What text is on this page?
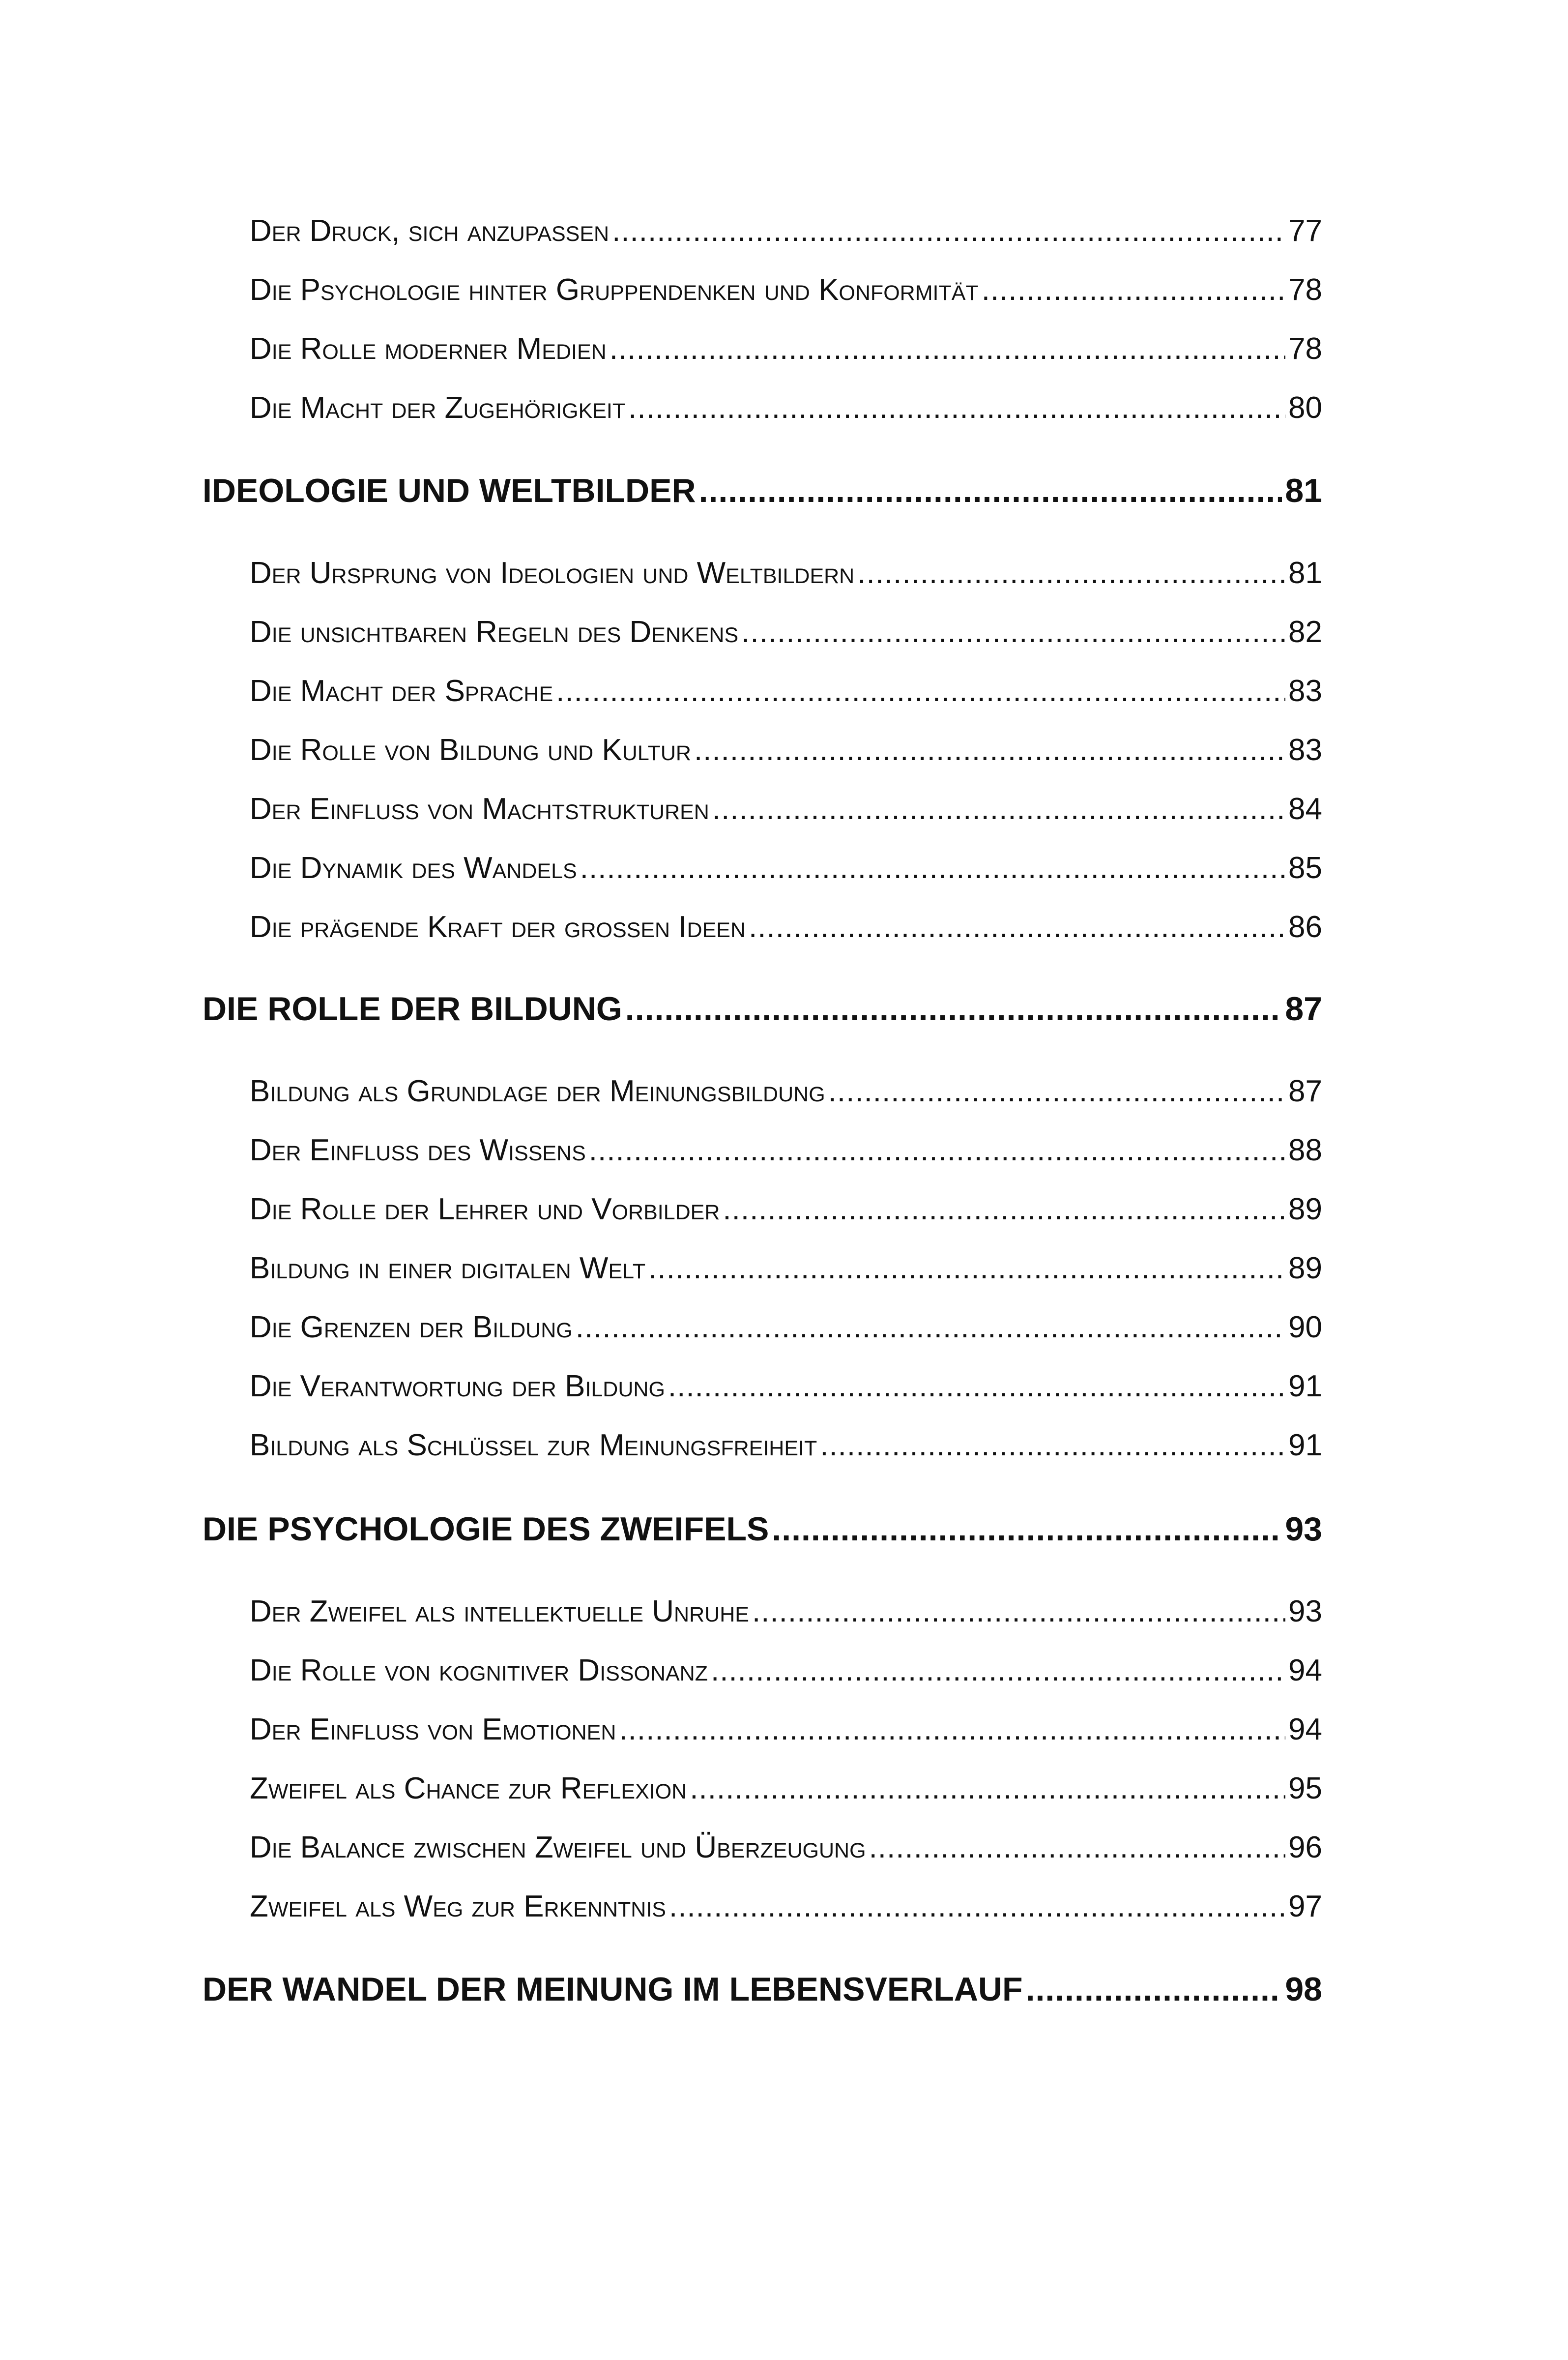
Der Druck, sich anzupassen .....	77
Die Psychologie hinter Gruppendenken und Konformität .....	78
Die Rolle moderner Medien .....	78
Die Macht der Zugehörigkeit .....	80
IDEOLOGIE UND WELTBILDER .....	81
Der Ursprung von Ideologien und Weltbildern .....	81
Die unsichtbaren Regeln des Denkens .....	82
Die Macht der Sprache .....	83
Die Rolle von Bildung und Kultur .....	83
Der Einfluss von Machtstrukturen .....	84
Die Dynamik des Wandels .....	85
Die prägende Kraft der großen Ideen .....	86
DIE ROLLE DER BILDUNG .....	87
Bildung als Grundlage der Meinungsbildung .....	87
Der Einfluss des Wissens .....	88
Die Rolle der Lehrer und Vorbilder .....	89
Bildung in einer digitalen Welt .....	89
Die Grenzen der Bildung .....	90
Die Verantwortung der Bildung .....	91
Bildung als Schlüssel zur Meinungsfreiheit .....	91
DIE PSYCHOLOGIE DES ZWEIFELS .....	93
Der Zweifel als intellektuelle Unruhe .....	93
Die Rolle von kognitiver Dissonanz .....	94
Der Einfluss von Emotionen .....	94
Zweifel als Chance zur Reflexion .....	95
Die Balance zwischen Zweifel und Überzeugung .....	96
Zweifel als Weg zur Erkenntnis .....	97
DER WANDEL DER MEINUNG IM LEBENSVERLAUF .....	98
